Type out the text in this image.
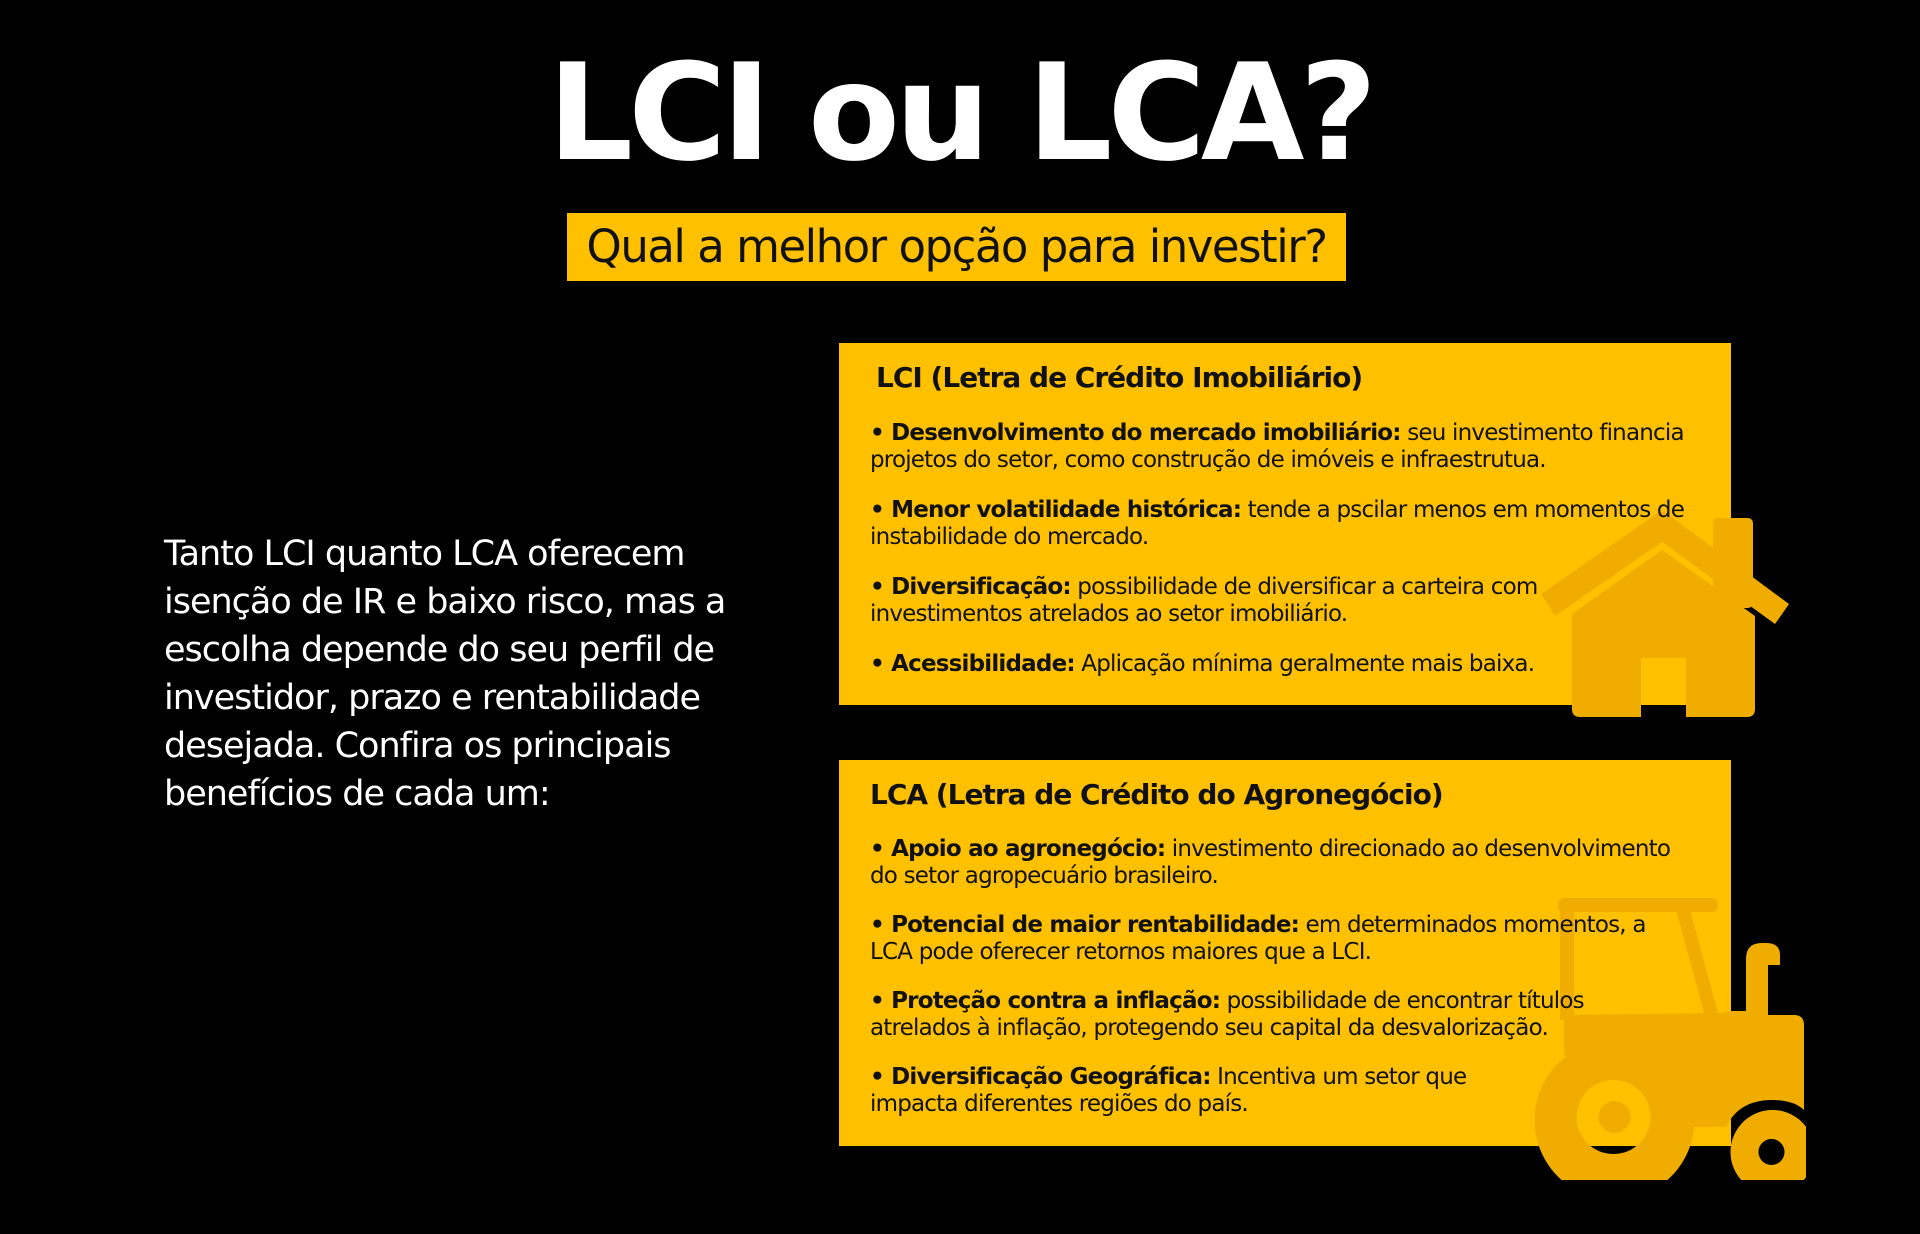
LCI ou LCA?
Qual a melhor opção para investir?
Tanto LCI quanto LCA oferecem isenção de IR e baixo risco, mas a escolha depende do seu perfil de investidor, prazo e rentabilidade desejada. Confira os principais benefícios de cada um:
LCI (Letra de Crédito Imobiliário)
• Desenvolvimento do mercado imobiliário: seu investimento financia projetos do setor, como construção de imóveis e infraestrutua.
• Menor volatilidade histórica: tende a pscilar menos em momentos de instabilidade do mercado.
• Diversificação: possibilidade de diversificar a carteira com investimentos atrelados ao setor imobiliário.
• Acessibilidade: Aplicação mínima geralmente mais baixa.
LCA (Letra de Crédito do Agronegócio)
• Apoio ao agronegócio: investimento direcionado ao desenvolvimento do setor agropecuário brasileiro.
• Potencial de maior rentabilidade: em determinados momentos, a LCA pode oferecer retornos maiores que a LCI.
• Proteção contra a inflação: possibilidade de encontrar títulos atrelados à inflação, protegendo seu capital da desvalorização.
• Diversificação Geográfica: Incentiva um setor que impacta diferentes regiões do país.
